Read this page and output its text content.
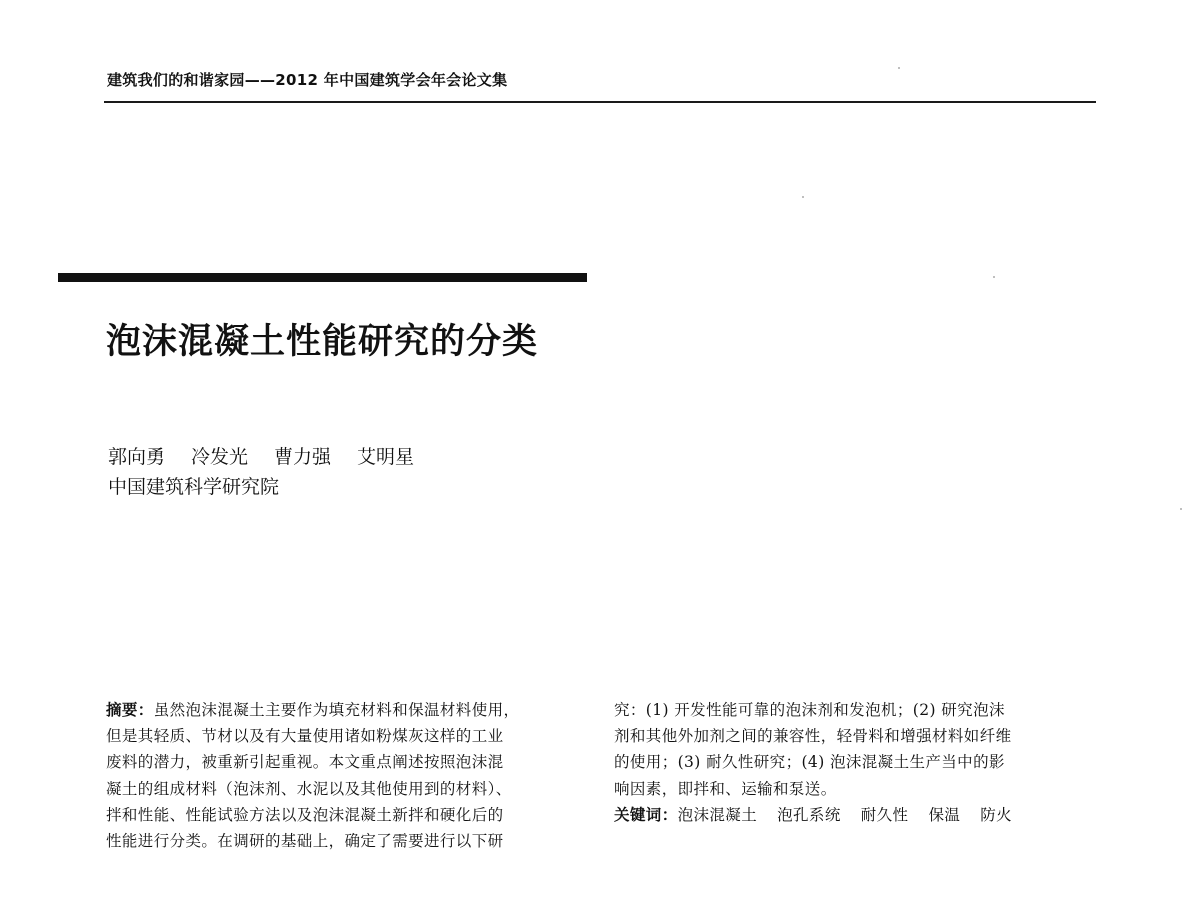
建筑我们的和谐家园——2012 年中国建筑学会年会论文集
泡沫混凝土性能研究的分类
郭向勇 冷发光 曹力强 艾明星
中国建筑科学研究院
摘要：虽然泡沫混凝土主要作为填充材料和保温材料使用，
但是其轻质、节材以及有大量使用诸如粉煤灰这样的工业
废料的潜力，被重新引起重视。本文重点阐述按照泡沫混
凝土的组成材料（泡沫剂、水泥以及其他使用到的材料）、
拌和性能、性能试验方法以及泡沫混凝土新拌和硬化后的
性能进行分类。在调研的基础上，确定了需要进行以下研
究：(1) 开发性能可靠的泡沫剂和发泡机；(2) 研究泡沫
剂和其他外加剂之间的兼容性，轻骨料和增强材料如纤维
的使用；(3) 耐久性研究；(4) 泡沫混凝土生产当中的影
响因素，即拌和、运输和泵送。
关键词：泡沫混凝土 泡孔系统 耐久性 保温 防火
